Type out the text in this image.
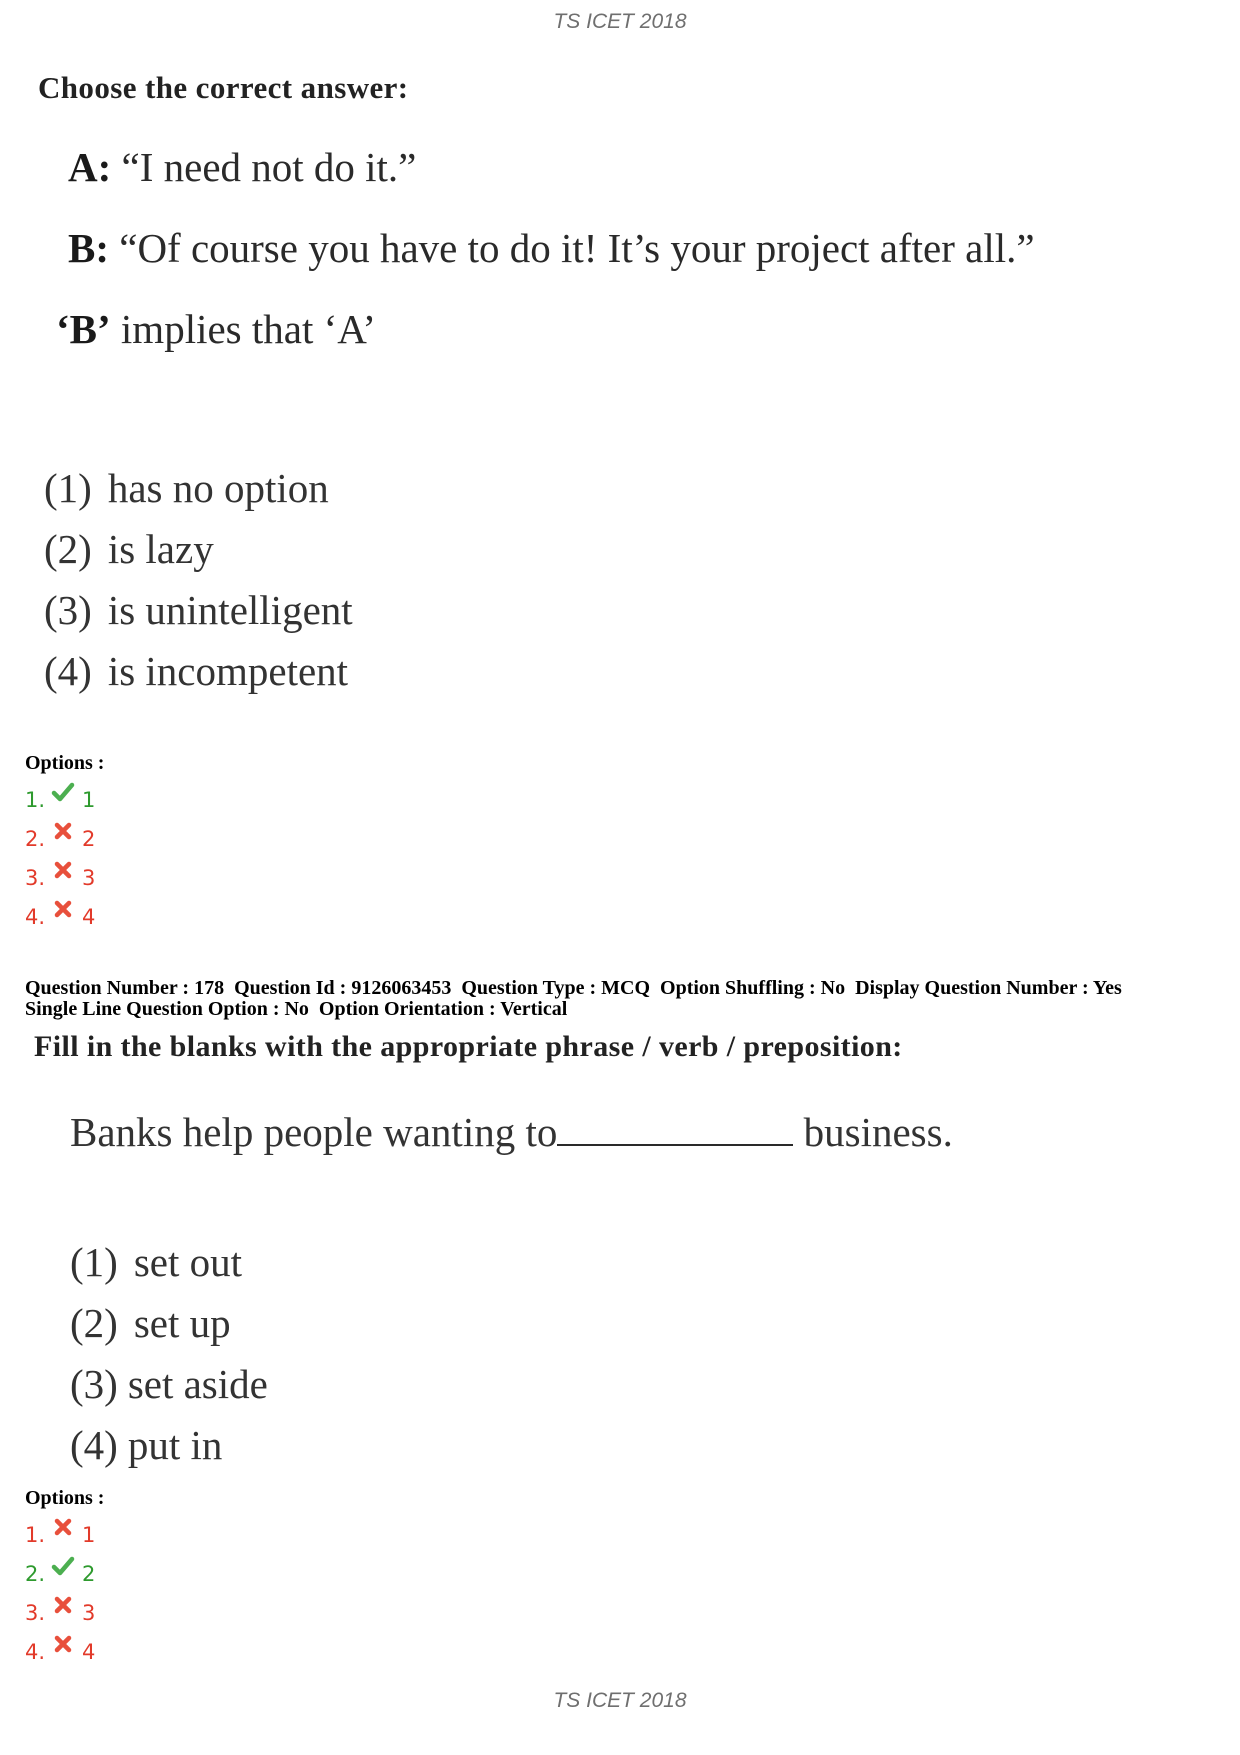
TS ICET 2018
Choose the correct answer:
A: “I need not do it.”
B: “Of course you have to do it! It’s your project after all.”
‘B’ implies that ‘A’
(1) has no option
(2) is lazy
(3) is unintelligent
(4) is incompetent
Options :
1. 1
2. 2
3. 3
4. 4
Question Number : 178  Question Id : 9126063453  Question Type : MCQ  Option Shuffling : No  Display Question Number : Yes
Single Line Question Option : No  Option Orientation : Vertical
Fill in the blanks with the appropriate phrase / verb / preposition:
Banks help people wanting to	business.
(1) set out
(2) set up
(3) set aside
(4) put in
Options :
1. 1
2. 2
3. 3
4. 4
TS ICET 2018
